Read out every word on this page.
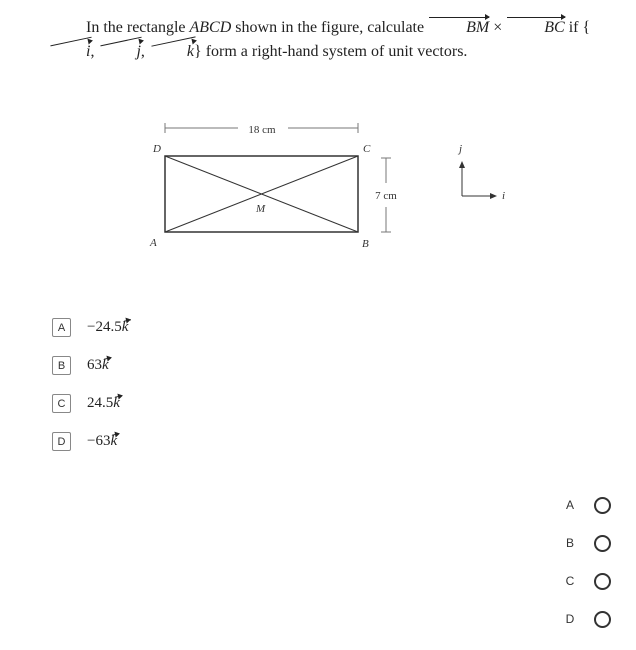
In the rectangle ABCD shown in the figure, calculate BM × BC if {i, j, k} form a right-hand system of unit vectors.

18 cm
D
A
C
B
M
7 cm
j
i
A	−24.5k
B	63k
C	24.5k
D	−63k
A
B
C
D
